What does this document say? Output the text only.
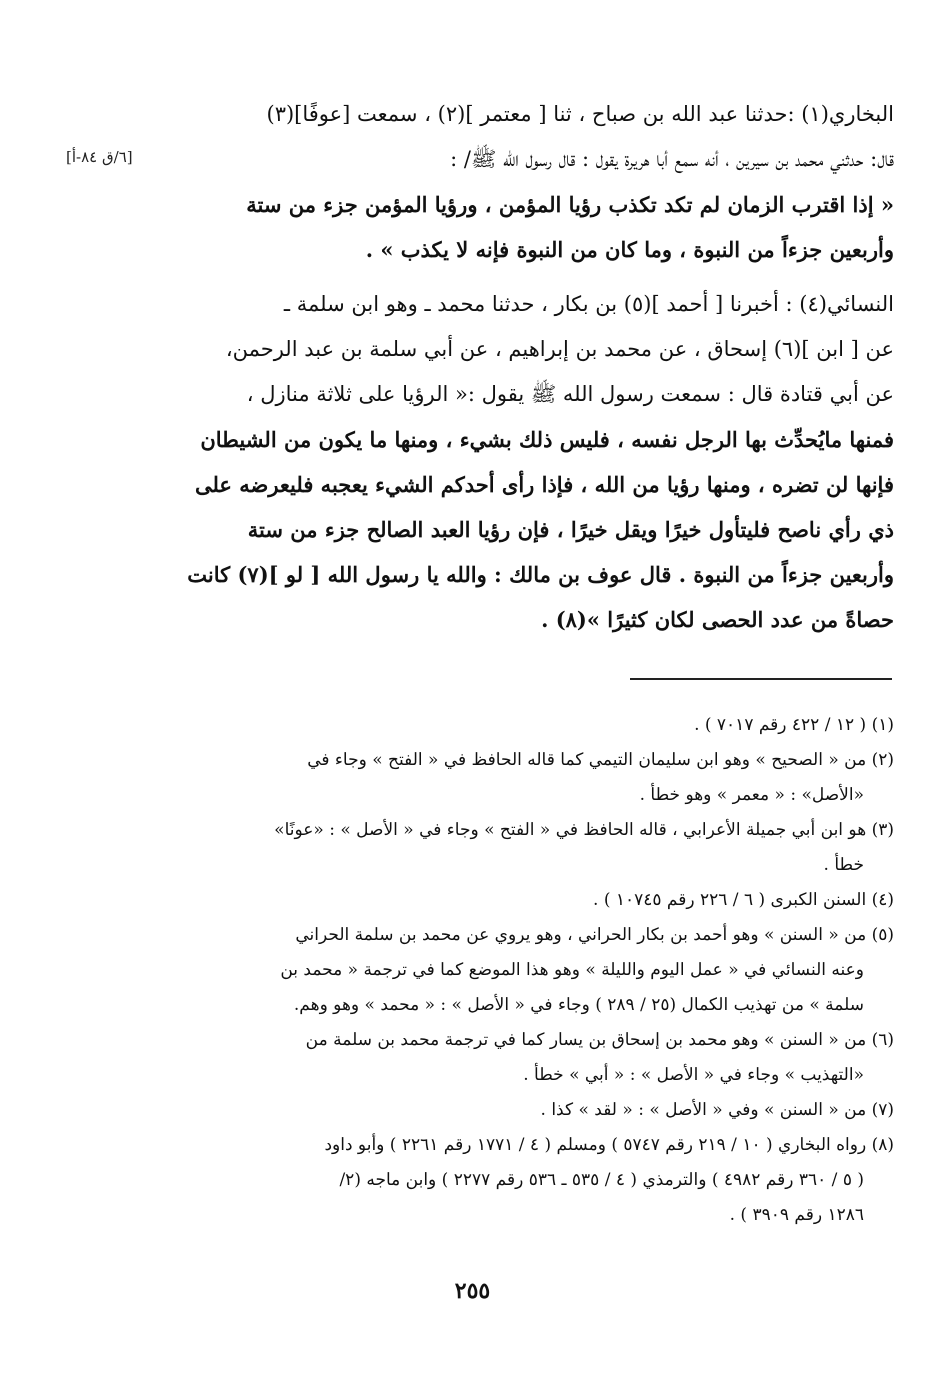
[٦/ق ٨٤-أ]
البخاري(١) :حدثنا عبد الله بن صباح ، ثنا [ معتمر ](٢) ، سمعت [عوفًا](٣)
قال: حدثني محمد بن سيرين ، أنه سمع أبا هريرة يقول : قال رسول الله ﷺ/ :
« إذا اقترب الزمان لم تكد تكذب رؤيا المؤمن ، ورؤيا المؤمن جزء من ستة
وأربعين جزءاً من النبوة ، وما كان من النبوة فإنه لا يكذب » .
النسائي(٤) : أخبرنا [ أحمد ](٥) بن بكار ، حدثنا محمد ـ وهو ابن سلمة ـ
عن [ ابن ](٦) إسحاق ، عن محمد بن إبراهيم ، عن أبي سلمة بن عبد الرحمن،
عن أبي قتادة قال : سمعت رسول الله ﷺ يقول :« الرؤيا على ثلاثة منازل ،
فمنها مايُحدِّث بها الرجل نفسه ، فليس ذلك بشيء ، ومنها ما يكون من الشيطان
فإنها لن تضره ، ومنها رؤيا من الله ، فإذا رأى أحدكم الشيء يعجبه فليعرضه على
ذي رأي ناصح فليتأول خيرًا ويقل خيرًا ، فإن رؤيا العبد الصالح جزء من ستة
وأربعين جزءاً من النبوة . قال عوف بن مالك : والله يا رسول الله [ لو ](٧) كانت
حصاةً من عدد الحصى لكان كثيرًا »(٨) .
(١) ( ١٢ / ٤٢٢ رقم ٧٠١٧ ) .
(٢) من « الصحيح » وهو ابن سليمان التيمي كما قاله الحافظ في « الفتح » وجاء في
«الأصل» : « معمر » وهو خطأ .
(٣) هو ابن أبي جميلة الأعرابي ، قاله الحافظ في « الفتح » وجاء في « الأصل » : «عونًا»
خطأ .
(٤) السنن الكبرى ( ٦ / ٢٢٦ رقم ١٠٧٤٥ ) .
(٥) من « السنن » وهو أحمد بن بكار الحراني ، وهو يروي عن محمد بن سلمة الحراني
وعنه النسائي في « عمل اليوم والليلة » وهو هذا الموضع كما في ترجمة « محمد بن
سلمة » من تهذيب الكمال (٢٥ / ٢٨٩ ) وجاء في « الأصل » : « محمد » وهو وهم.
(٦) من « السنن » وهو محمد بن إسحاق بن يسار كما في ترجمة محمد بن سلمة من
«التهذيب » وجاء في « الأصل » : « أبي » خطأ .
(٧) من « السنن » وفي « الأصل » : « لقد » كذا .
(٨) رواه البخاري ( ١٠ / ٢١٩ رقم ٥٧٤٧ ) ومسلم ( ٤ / ١٧٧١ رقم ٢٢٦١ ) وأبو داود
( ٥ / ٣٦٠ رقم ٤٩٨٢ ) والترمذي ( ٤ / ٥٣٥ ـ ٥٣٦ رقم ٢٢٧٧ ) وابن ماجه (٢/
١٢٨٦ رقم ٣٩٠٩ ) .
٢٥٥
